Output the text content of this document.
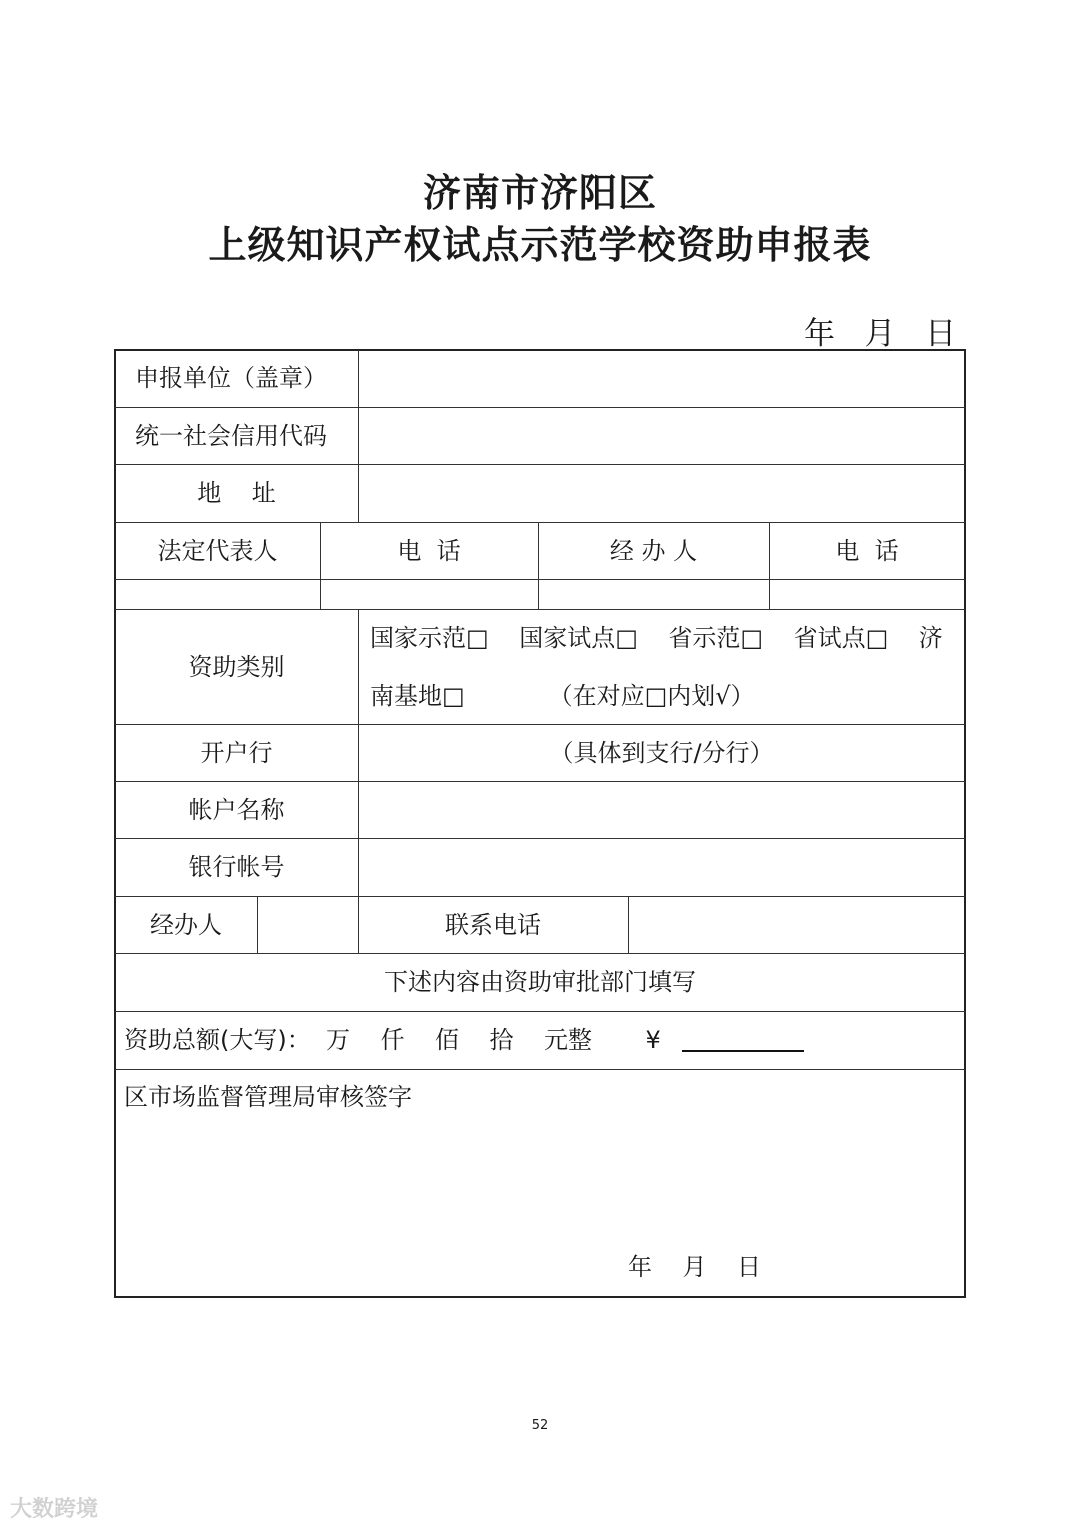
济南市济阳区
上级知识产权试点示范学校资助申报表
年   月   日
申报单位（盖章）
统一社会信用代码
地    址
法定代表人	电  话	经 办 人	电  话
资助类别
国家示范□    国家试点□    省示范□    省试点□    济
南基地□           （在对应□内划√）
开户行	（具体到支行/分行）
帐户名称
银行帐号
经办人	联系电话
下述内容由资助审批部门填写
资助总额(大写)：  万    仟    佰    拾    元整       ¥
区市场监督管理局审核签字
年    月    日
52
大数跨境
